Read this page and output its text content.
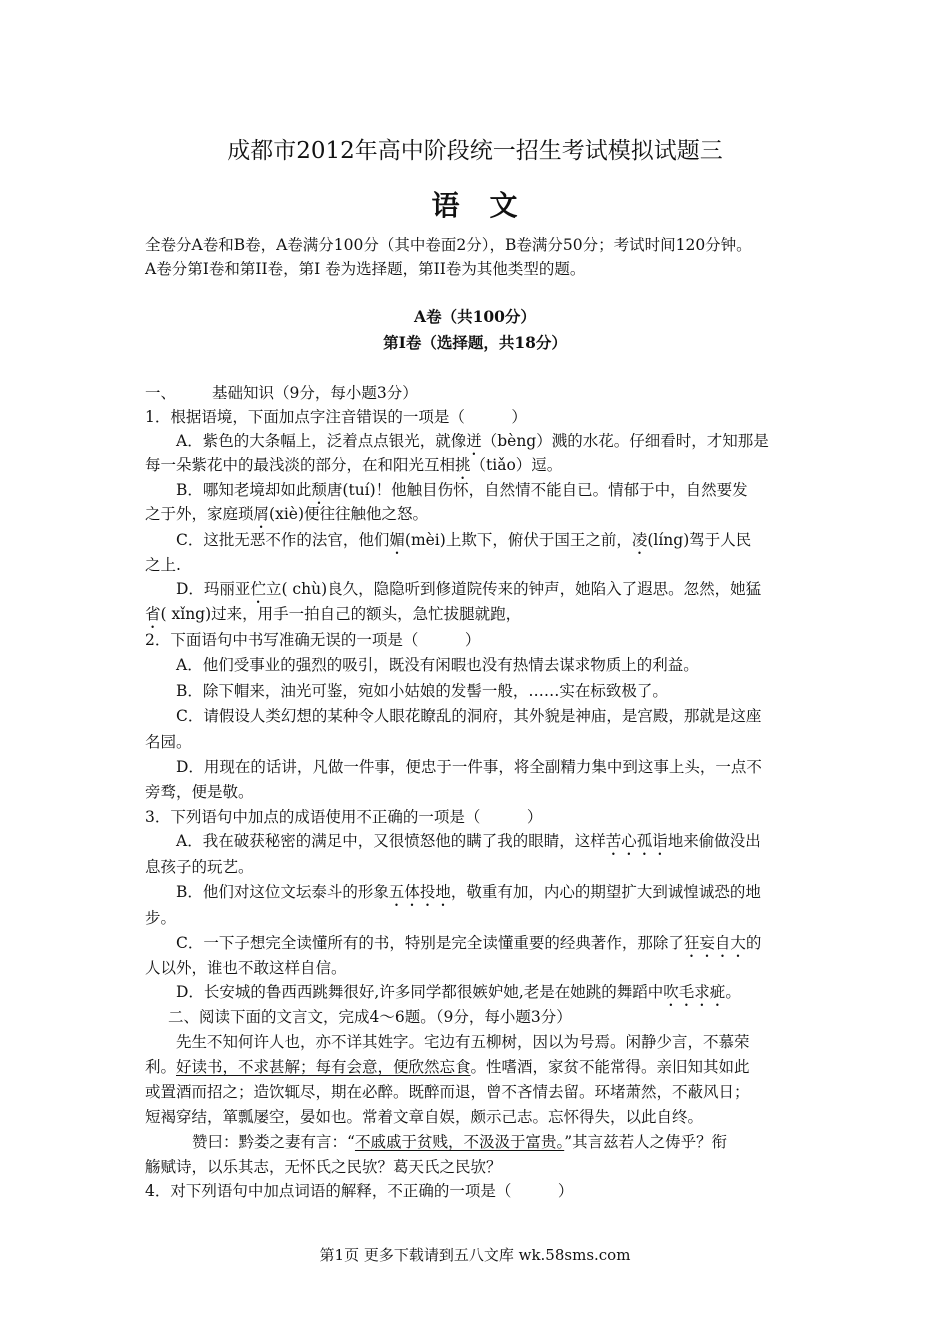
成都市2012年高中阶段统一招生考试模拟试题三
语　文
全卷分A卷和B卷，A卷满分100分（其中卷面2分），B卷满分50分；考试时间120分钟。
A卷分第I卷和第II卷，第I 卷为选择题，第II卷为其他类型的题。
A卷（共100分）
第I卷（选择题，共18分）
一、 基础知识（9分，每小题3分）
1．根据语境，下面加点字注音错误的一项是（　　　）
A．紫色的大条幅上，泛着点点银光，就像迸（bèng）溅的水花。仔细看时，才知那是
每一朵紫花中的最浅淡的部分，在和阳光互相挑（tiǎo）逗。
B．哪知老境却如此颓唐(tuí)！他触目伤怀，自然情不能自已。情郁于中，自然要发
之于外，家庭琐屑(xiè)便往往触他之怒。
C．这批无恶不作的法官，他们媚(mèi)上欺下，俯伏于国王之前，凌(líng)驾于人民
之上.
D．玛丽亚伫立( chù)良久，隐隐听到修道院传来的钟声，她陷入了遐思。忽然，她猛
省( xǐng)过来，用手一拍自己的额头，急忙拔腿就跑，
2．下面语句中书写准确无误的一项是（　　　）
A．他们受事业的强烈的吸引，既没有闲暇也没有热情去谋求物质上的利益。
B．除下帽来，油光可鉴，宛如小姑娘的发髻一般，……实在标致极了。
C．请假设人类幻想的某种令人眼花瞭乱的洞府，其外貌是神庙，是宫殿，那就是这座
名园。
D．用现在的话讲，凡做一件事，便忠于一件事，将全副精力集中到这事上头，一点不
旁骛，便是敬。
3．下列语句中加点的成语使用不正确的一项是（　　　）
A．我在破获秘密的满足中，又很愤怒他的瞒了我的眼睛，这样苦心孤诣地来偷做没出
息孩子的玩艺。
B．他们对这位文坛泰斗的形象五体投地，敬重有加，内心的期望扩大到诚惶诚恐的地
步。
C．一下子想完全读懂所有的书，特别是完全读懂重要的经典著作，那除了狂妄自大的
人以外，谁也不敢这样自信。
D．长安城的鲁西西跳舞很好,许多同学都很嫉妒她,老是在她跳的舞蹈中吹毛求疵。
二、阅读下面的文言文，完成4～6题。（9分，每小题3分）
先生不知何许人也，亦不详其姓字。宅边有五柳树，因以为号焉。闲静少言，不慕荣
利。好读书，不求甚解；每有会意，便欣然忘食。性嗜酒，家贫不能常得。亲旧知其如此
或置酒而招之；造饮辄尽，期在必醉。既醉而退，曾不吝情去留。环堵萧然，不蔽风日；
短褐穿结，箪瓢屡空，晏如也。常着文章自娱，颇示己志。忘怀得失，以此自终。
赞曰：黔娄之妻有言：“不戚戚于贫贱，不汲汲于富贵。”其言兹若人之俦乎？衔
觞赋诗，以乐其志，无怀氏之民欤？葛天氏之民欤？
4．对下列语句中加点词语的解释，不正确的一项是（　　　）
第1页 更多下载请到五八文库 wk.58sms.com
